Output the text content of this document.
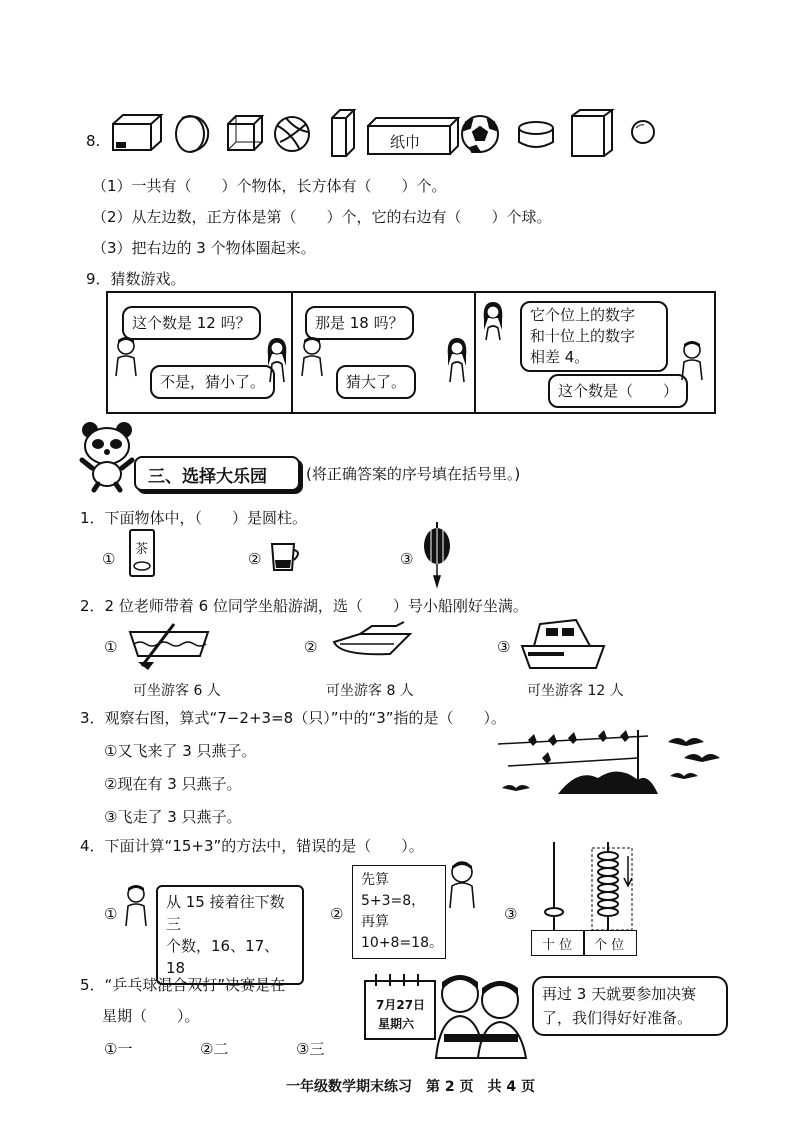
8.	纸巾
（1）一共有（　　）个物体，长方体有（　　）个。
（2）从左边数，正方体是第（　　）个，它的右边有（　　）个球。
（3）把右边的 3 个物体圈起来。
9．猜数游戏。
这个数是 12 吗？
不是，猜小了。
那是 18 吗？
猜大了。
它个位上的数字
和十位上的数字
相差 4。
这个数是（　　）
三、选择大乐园	(将正确答案的序号填在括号里。)
1．下面物体中，（　　）是圆柱。
①
茶
②	③
2．2 位老师带着 6 位同学坐船游湖，选（　　）号小船刚好坐满。
①	②	③
可坐游客 6 人	可坐游客 8 人	可坐游客 12 人
3．观察右图，算式“7−2+3=8（只）”中的“3”指的是（　　）。
①又飞来了 3 只燕子。
②现在有 3 只燕子。
③飞走了 3 只燕子。
4．下面计算“15+3”的方法中，错误的是（　　）。
①
从 15 接着往下数三
个数，16、17、18
②
先算
5+3=8，
再算
10+8=18。
③
十 位 个 位
5．“乒乓球混合双打”决赛是在
星期（　　）。
①一	②二	③三
7月27日
星期六
再过 3 天就要参加决赛
了，我们得好好准备。
一年级数学期末练习　第 2 页　共 4 页
